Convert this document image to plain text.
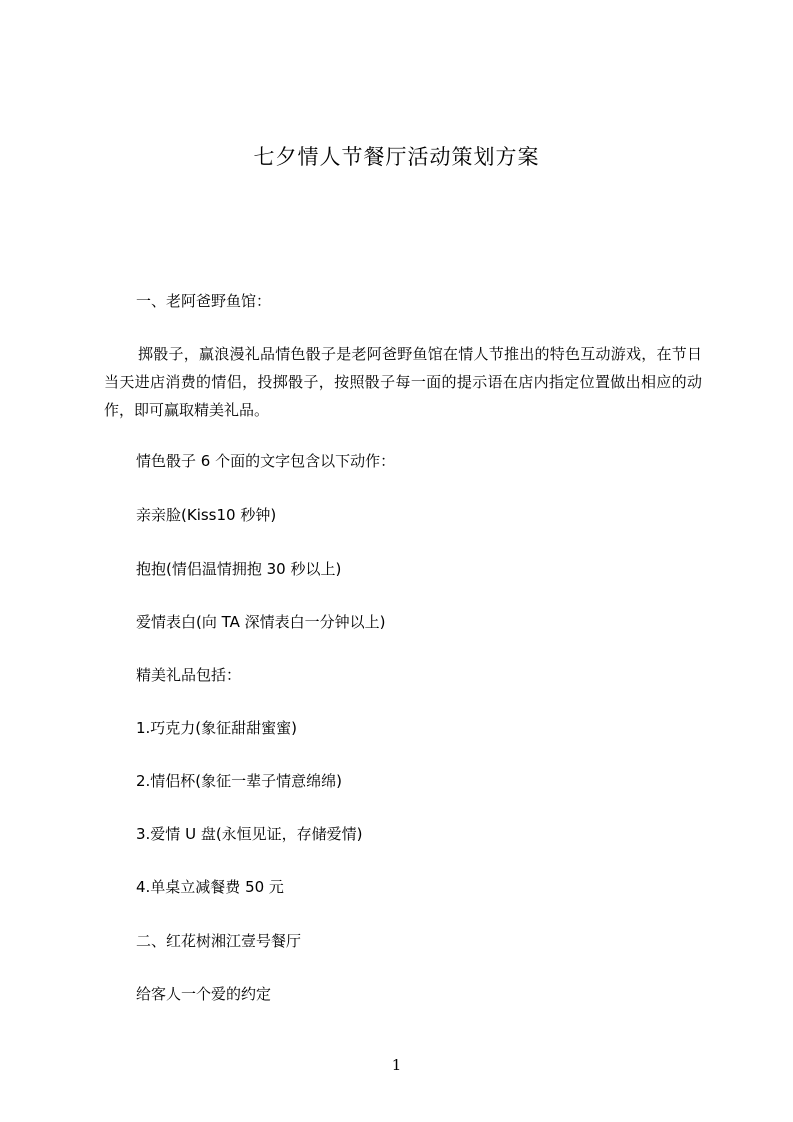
七夕情人节餐厅活动策划方案

一、老阿爸野鱼馆：

掷骰子，赢浪漫礼品情色骰子是老阿爸野鱼馆在情人节推出的特色互动游戏，在节日当天进店消费的情侣，投掷骰子，按照骰子每一面的提示语在店内指定位置做出相应的动作，即可赢取精美礼品。

情色骰子 6 个面的文字包含以下动作：

亲亲脸(Kiss10 秒钟)

抱抱(情侣温情拥抱 30 秒以上)

爱情表白(向 TA 深情表白一分钟以上)

精美礼品包括：

1.巧克力(象征甜甜蜜蜜)

2.情侣杯(象征一辈子情意绵绵)

3.爱情 U 盘(永恒见证，存储爱情)

4.单桌立减餐费 50 元

二、红花树湘江壹号餐厅

给客人一个爱的约定

1
